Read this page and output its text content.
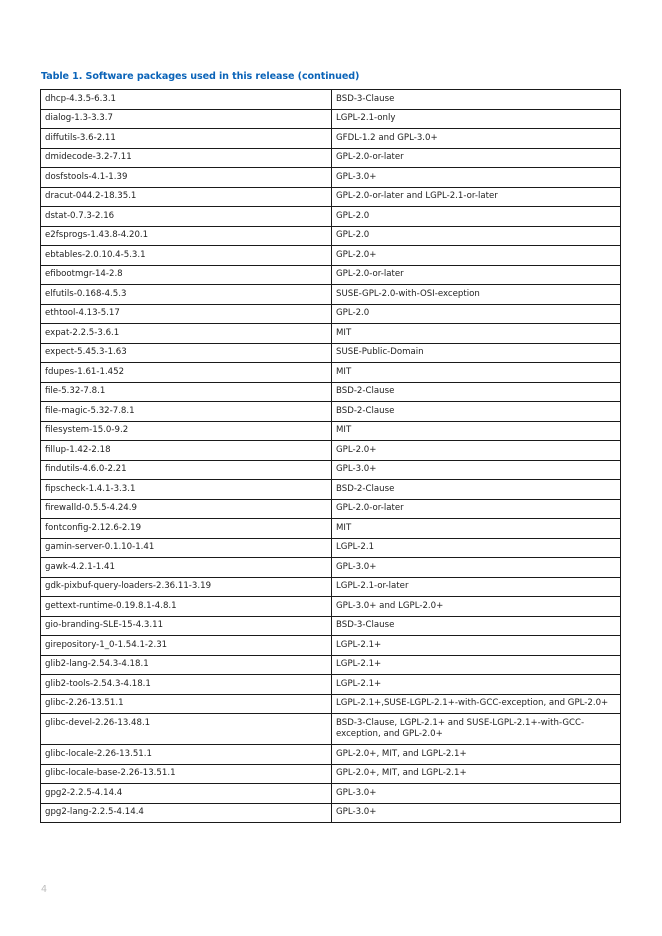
Table 1. Software packages used in this release (continued)
dhcp-4.3.5-6.3.1	BSD-3-Clause
dialog-1.3-3.3.7	LGPL-2.1-only
diffutils-3.6-2.11	GFDL-1.2 and GPL-3.0+
dmidecode-3.2-7.11	GPL-2.0-or-later
dosfstools-4.1-1.39	GPL-3.0+
dracut-044.2-18.35.1	GPL-2.0-or-later and LGPL-2.1-or-later
dstat-0.7.3-2.16	GPL-2.0
e2fsprogs-1.43.8-4.20.1	GPL-2.0
ebtables-2.0.10.4-5.3.1	GPL-2.0+
efibootmgr-14-2.8	GPL-2.0-or-later
elfutils-0.168-4.5.3	SUSE-GPL-2.0-with-OSI-exception
ethtool-4.13-5.17	GPL-2.0
expat-2.2.5-3.6.1	MIT
expect-5.45.3-1.63	SUSE-Public-Domain
fdupes-1.61-1.452	MIT
file-5.32-7.8.1	BSD-2-Clause
file-magic-5.32-7.8.1	BSD-2-Clause
filesystem-15.0-9.2	MIT
fillup-1.42-2.18	GPL-2.0+
findutils-4.6.0-2.21	GPL-3.0+
fipscheck-1.4.1-3.3.1	BSD-2-Clause
firewalld-0.5.5-4.24.9	GPL-2.0-or-later
fontconfig-2.12.6-2.19	MIT
gamin-server-0.1.10-1.41	LGPL-2.1
gawk-4.2.1-1.41	GPL-3.0+
gdk-pixbuf-query-loaders-2.36.11-3.19	LGPL-2.1-or-later
gettext-runtime-0.19.8.1-4.8.1	GPL-3.0+ and LGPL-2.0+
gio-branding-SLE-15-4.3.11	BSD-3-Clause
girepository-1_0-1.54.1-2.31	LGPL-2.1+
glib2-lang-2.54.3-4.18.1	LGPL-2.1+
glib2-tools-2.54.3-4.18.1	LGPL-2.1+
glibc-2.26-13.51.1	LGPL-2.1+,SUSE-LGPL-2.1+-with-GCC-exception, and GPL-2.0+
glibc-devel-2.26-13.48.1	BSD-3-Clause, LGPL-2.1+ and SUSE-LGPL-2.1+-with-GCC-exception, and GPL-2.0+
glibc-locale-2.26-13.51.1	GPL-2.0+, MIT, and LGPL-2.1+
glibc-locale-base-2.26-13.51.1	GPL-2.0+, MIT, and LGPL-2.1+
gpg2-2.2.5-4.14.4	GPL-3.0+
gpg2-lang-2.2.5-4.14.4	GPL-3.0+
4
